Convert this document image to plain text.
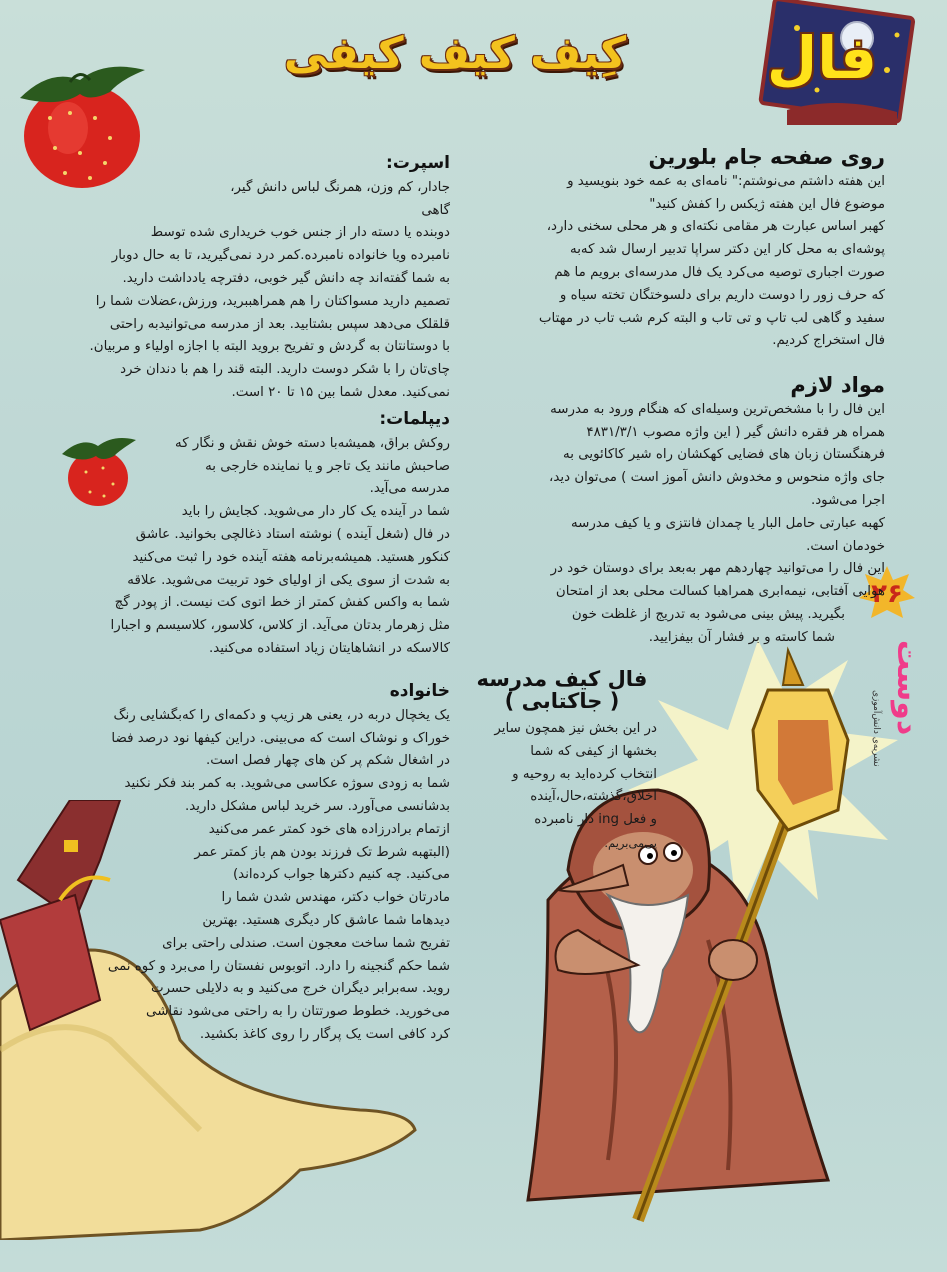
فال
کِیف کیف کیفی
۲۶
دوست
نشریه‌ی دانش‌آموزی
روی صفحه جام بلورین

این هفته داشتم می‌نوشتم:" نامه‌ای به عمه خود بنویسید و

موضوع فال این هفته ژیکس را کفش کنید"

کهبر اساس عبارت هر مقامی نکته‌ای و هر محلی سخنی دارد،

پوشه‌ای به محل کار این دکتر سراپا تدبیر ارسال شد که‌به

صورت اجباری توصیه می‌کرد یک فال مدرسه‌ای برویم ما هم

که حرف زور را دوست داریم برای دلسوختگان تخته سیاه و

سفید و گاهی لب تاپ و تی تاب و البته کرم شب تاب در مهتاب

فال استخراج کردیم.

مواد لازم

این فال را با مشخص‌ترین وسیله‌ای که هنگام ورود به مدرسه

همراه هر فقره دانش گیر ( این واژه مصوب ۴۸۳۱/۳/۱

فرهنگستان زبان های فضایی کهکشان راه شیر کاکائویی به

جای واژه منحوس و مخدوش دانش آموز است ) می‌توان دید،

اجرا می‌شود.

کهبه عبارتی حامل البار یا چمدان فانتزی و یا کیف مدرسه

خودمان است.

این فال را می‌توانید چهاردهم مهر به‌بعد برای دوستان خود در

هوایی آفتابی، نیمه‌ابری همراهبا کسالت محلی بعد از امتحان

بگیرید. پیش بینی می‌شود به تدریج از غلظت خون

شما کاسته و بر فشار آن بیفزایید.

فال کیف مدرسه
( جاکتابی )

در این بخش نیز همچون سایر

بخشها از کیفی که شما

انتخاب کرده‌اید به روحیه و

اخلاق،گذشته،حال،آینده

و فعل ing دار نامبرده

پی‌می‌بریم.

اسپرت:

جادار، کم وزن، همرنگ لباس دانش گیر، گاهی

دوبنده یا دسته دار از جنس خوب خریداری شده توسط

نامبرده ویا خانواده نامبرده.کمر درد نمی‌گیرید، تا به حال دوبار

به شما گفته‌اند چه دانش گیر خوبی، دفترچه یادداشت دارید.

تصمیم دارید مسواکتان را هم همراهببرید، ورزش،عضلات شما را

قلقلک می‌دهد سپس بشتابید. بعد از مدرسه می‌توانیدبه راحتی

با دوستانتان به گردش و تفریح بروید البته با اجازه اولیاء و مربیان.

چای‌تان را با شکر دوست دارید. البته قند را هم با دندان خرد

نمی‌کنید. معدل شما بین ۱۵ تا ۲۰ است.

دیپلمات:

روکش براق، همیشه‌با دسته خوش نقش و نگار که

صاحبش مانند یک تاجر و یا نماینده خارجی به

مدرسه می‌آید.

شما در آینده یک کار دار می‌شوید. کجایش را باید

در فال (شغل آینده ) نوشته استاد ذغالچی بخوانید. عاشق

کنکور هستید. همیشه‌برنامه هفته آینده خود را ثبت می‌کنید

به شدت از سوی یکی از اولیای خود تربیت می‌شوید. علاقه

شما به واکس کفش کمتر از خط اتوی کت نیست. از پودر گچ

مثل زهرمار بدتان می‌آید. از کلاس، کلاسور، کلاسیسم و اجبارا

کالاسکه در انشاهایتان زیاد استفاده می‌کنید.

خانواده

یک یخچال دربه در، یعنی هر زیپ و دکمه‌ای را که‌بگشایی رنگ

خوراک و نوشاک است که می‌بینی. دراین کیفها نود درصد فضا

در اشغال شکم پر کن های چهار فصل است.

شما به زودی سوژه عکاسی می‌شوید. به کمر بند فکر نکنید

بدشانسی می‌آورد. سر خرید لباس مشکل دارید.

ازتمام برادرزاده های خود کمتر عمر می‌کنید

(البتهبه شرط تک فرزند بودن هم باز کمتر عمر

می‌کنید. چه کنیم دکترها جواب کرده‌اند)

مادرتان خواب دکتر، مهندس شدن شما را

دیدهاما شما عاشق کار دیگری هستید. بهترین

تفریح شما ساخت معجون است. صندلی راحتی برای

شما حکم گنجینه را دارد. اتوبوس نفستان را می‌برد و کوه نمی

روید. سه‌برابر دیگران خرج می‌کنید و به دلایلی حسرت

می‌خورید. خطوط صورتتان را به راحتی می‌شود نقاشی

کرد کافی است یک پرگار را روی کاغذ بکشید.
